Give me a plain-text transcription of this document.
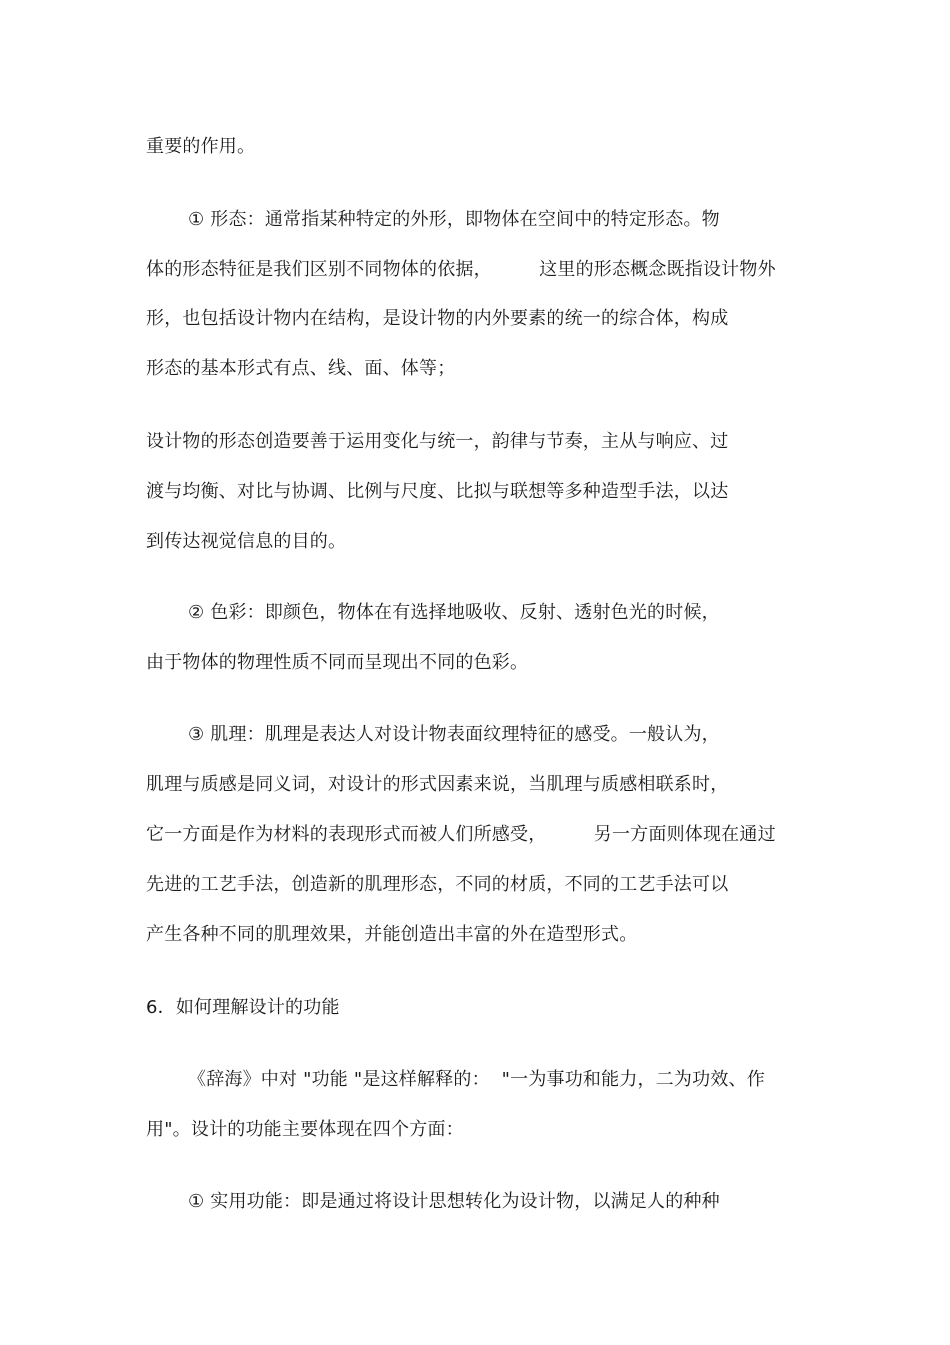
重要的作用。
① 形态：通常指某种特定的外形，即物体在空间中的特定形态。物
体的形态特征是我们区别不同物体的依据，        这里的形态概念既指设计物外
形，也包括设计物内在结构，是设计物的内外要素的统一的综合体，构成
形态的基本形式有点、线、面、体等；
设计物的形态创造要善于运用变化与统一，韵律与节奏，主从与响应、过
渡与均衡、对比与协调、比例与尺度、比拟与联想等多种造型手法，以达
到传达视觉信息的目的。
② 色彩：即颜色，物体在有选择地吸收、反射、透射色光的时候，
由于物体的物理性质不同而呈现出不同的色彩。
③ 肌理：肌理是表达人对设计物表面纹理特征的感受。一般认为，
肌理与质感是同义词，对设计的形式因素来说，当肌理与质感相联系时，
它一方面是作为材料的表现形式而被人们所感受，        另一方面则体现在通过
先进的工艺手法，创造新的肌理形态，不同的材质，不同的工艺手法可以
产生各种不同的肌理效果，并能创造出丰富的外在造型形式。
6．如何理解设计的功能
《辞海》中对 "功能 "是这样解释的：  "一为事功和能力，二为功效、作
用"。设计的功能主要体现在四个方面：
① 实用功能：即是通过将设计思想转化为设计物，以满足人的种种
